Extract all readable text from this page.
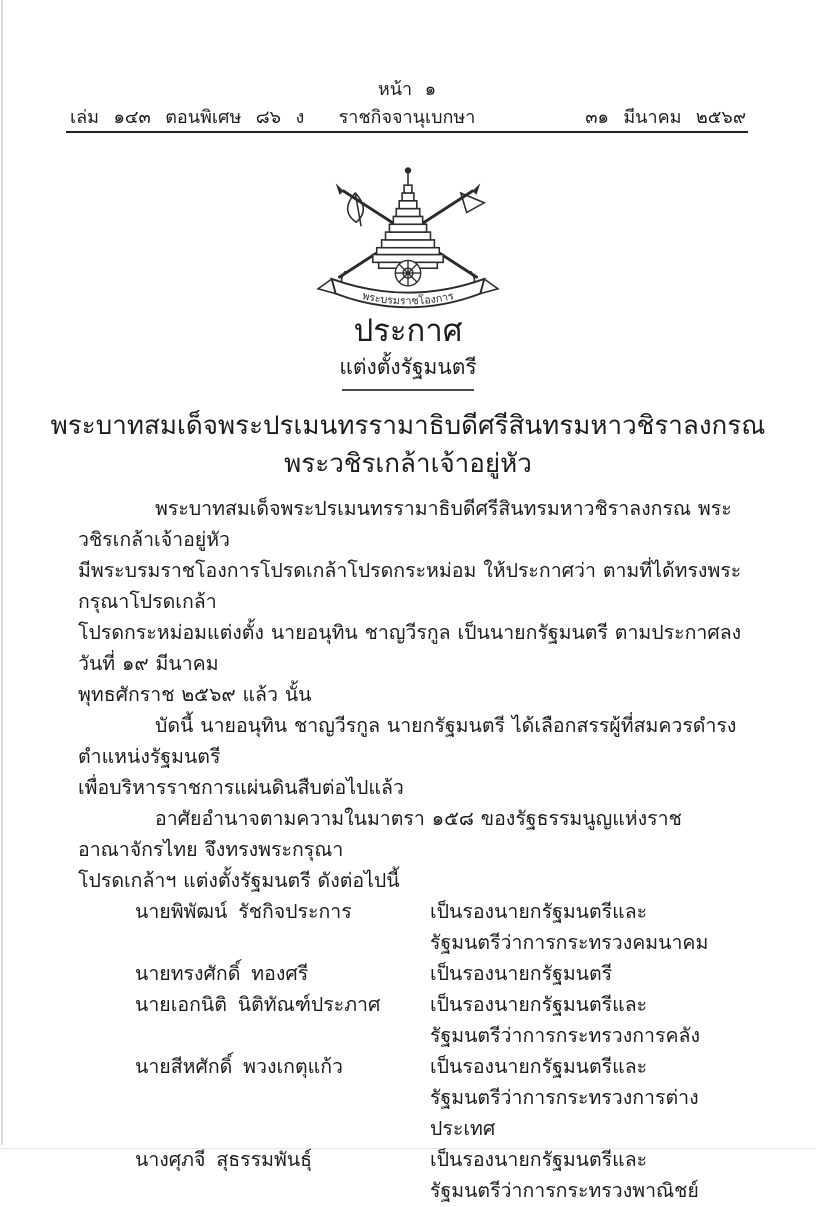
หน้า ๑
เล่ม ๑๔๓ ตอนพิเศษ ๘๖ ง	ราชกิจจานุเบกษา	๓๑ มีนาคม ๒๕๖๙
พระบรมราชโองการ
ประกาศ
แต่งตั้งรัฐมนตรี
พระบาทสมเด็จพระปรเมนทรรามาธิบดีศรีสินทรมหาวชิราลงกรณ
พระวชิรเกล้าเจ้าอยู่หัว

พระบาทสมเด็จพระปรเมนทรรามาธิบดีศรีสินทรมหาวชิราลงกรณ พระวชิรเกล้าเจ้าอยู่หัว
มีพระบรมราชโองการโปรดเกล้าโปรดกระหม่อม ให้ประกาศว่า ตามที่ได้ทรงพระกรุณาโปรดเกล้า
โปรดกระหม่อมแต่งตั้ง นายอนุทิน ชาญวีรกูล เป็นนายกรัฐมนตรี ตามประกาศลงวันที่ ๑๙ มีนาคม
พุทธศักราช ๒๕๖๙ แล้ว นั้น

บัดนี้ นายอนุทิน ชาญวีรกูล นายกรัฐมนตรี ได้เลือกสรรผู้ที่สมควรดำรงตำแหน่งรัฐมนตรี
เพื่อบริหารราชการแผ่นดินสืบต่อไปแล้ว

อาศัยอำนาจตามความในมาตรา ๑๕๘ ของรัฐธรรมนูญแห่งราชอาณาจักรไทย จึงทรงพระกรุณา
โปรดเกล้าฯ แต่งตั้งรัฐมนตรี ดังต่อไปนี้

นายพิพัฒน์ รัชกิจประการ	เป็นรองนายกรัฐมนตรีและ
รัฐมนตรีว่าการกระทรวงคมนาคม
นายทรงศักดิ์ ทองศรี	เป็นรองนายกรัฐมนตรี
นายเอกนิติ นิติทัณฑ์ประภาศ	เป็นรองนายกรัฐมนตรีและ
รัฐมนตรีว่าการกระทรวงการคลัง
นายสีหศักดิ์ พวงเกตุแก้ว	เป็นรองนายกรัฐมนตรีและ
รัฐมนตรีว่าการกระทรวงการต่างประเทศ
นางศุภจี สุธรรมพันธุ์	เป็นรองนายกรัฐมนตรีและ
รัฐมนตรีว่าการกระทรวงพาณิชย์
